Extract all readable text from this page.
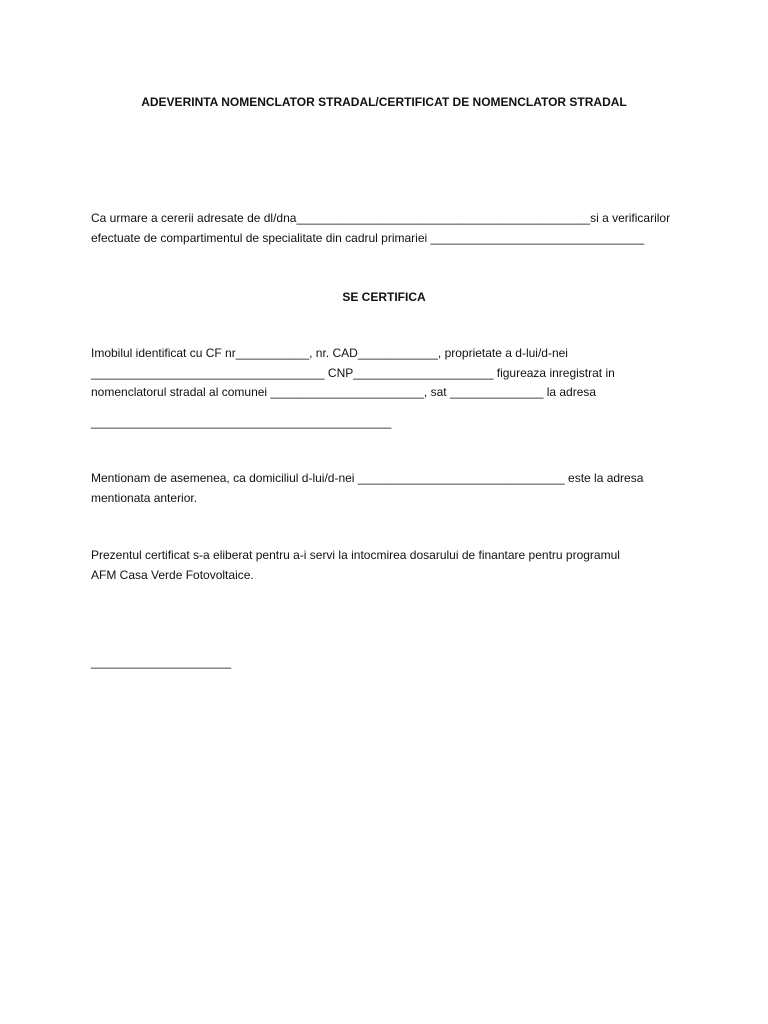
ADEVERINTA NOMENCLATOR STRADAL/CERTIFICAT DE NOMENCLATOR STRADAL
Ca urmare a cererii adresate de dl/dna____________________________________________si a verificarilor
efectuate de compartimentul de specialitate din cadrul primariei ________________________________
SE CERTIFICA
Imobilul identificat cu CF nr___________, nr. CAD____________, proprietate a d-lui/d-nei
___________________________________ CNP_____________________ figureaza inregistrat in
nomenclatorul stradal al comunei _______________________, sat ______________ la adresa
_____________________________________________
Mentionam de asemenea, ca domiciliul d-lui/d-nei _______________________________ este la adresa
mentionata anterior.
Prezentul certificat s-a eliberat pentru a-i servi la intocmirea dosarului de finantare pentru programul
AFM Casa Verde Fotovoltaice.
_____________________
